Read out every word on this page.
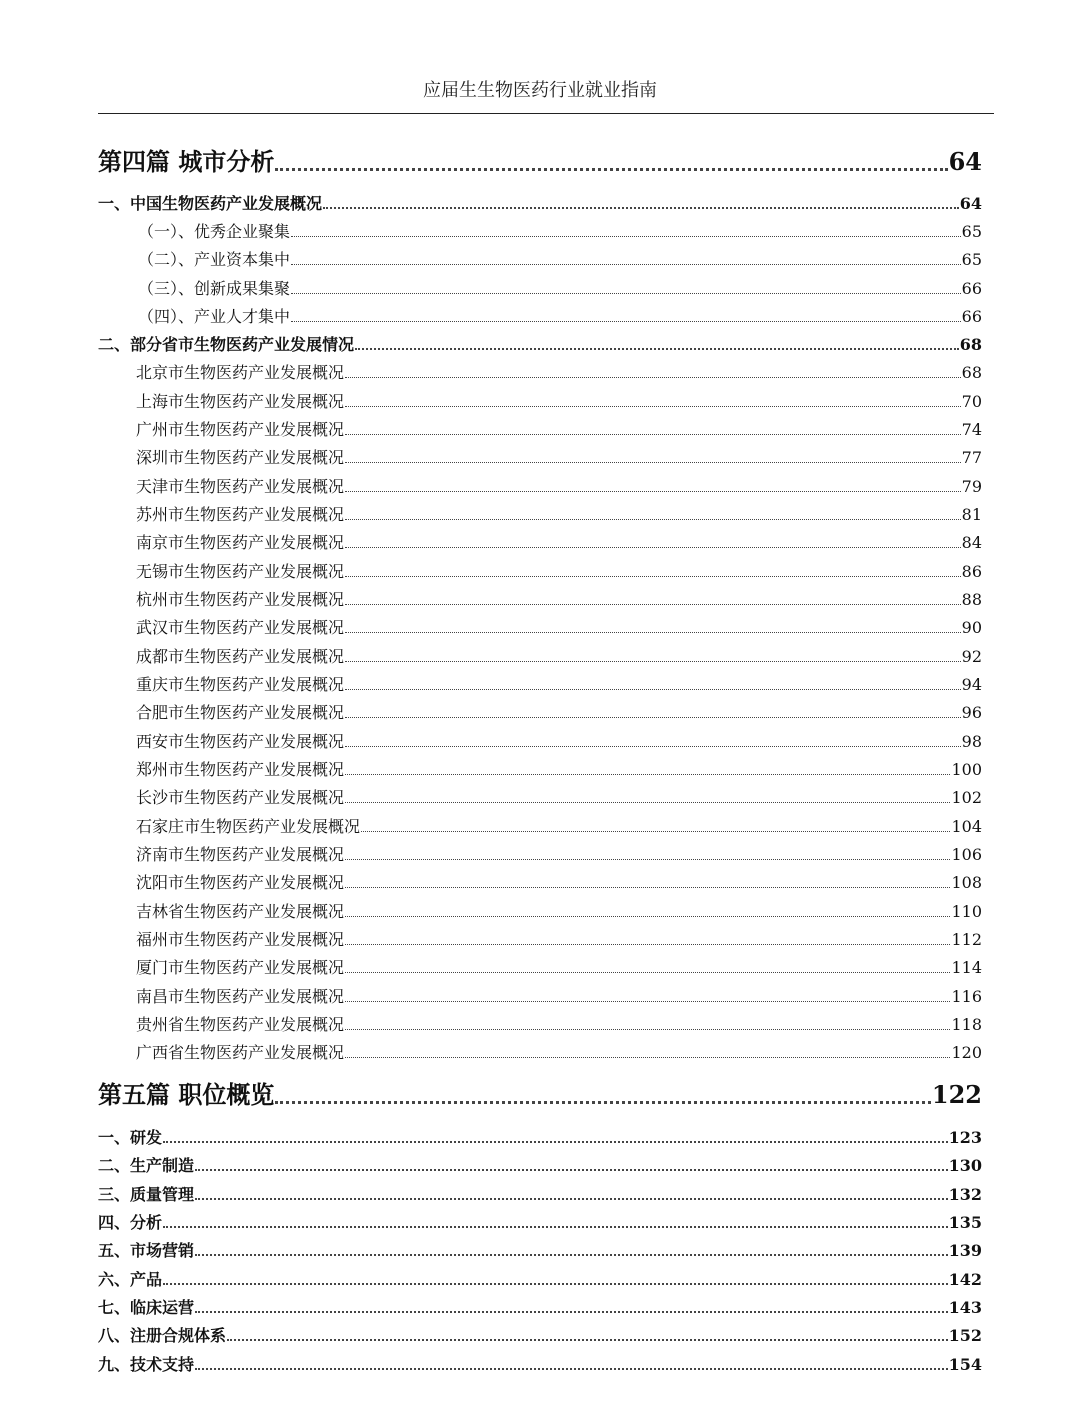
应届生生物医药行业就业指南
第四篇 城市分析	64
一、中国生物医药产业发展概况	64
（一）、优秀企业聚集	65
（二）、产业资本集中	65
（三）、创新成果集聚	66
（四）、产业人才集中	66
二、部分省市生物医药产业发展情况	68
北京市生物医药产业发展概况	68
上海市生物医药产业发展概况	70
广州市生物医药产业发展概况	74
深圳市生物医药产业发展概况	77
天津市生物医药产业发展概况	79
苏州市生物医药产业发展概况	81
南京市生物医药产业发展概况	84
无锡市生物医药产业发展概况	86
杭州市生物医药产业发展概况	88
武汉市生物医药产业发展概况	90
成都市生物医药产业发展概况	92
重庆市生物医药产业发展概况	94
合肥市生物医药产业发展概况	96
西安市生物医药产业发展概况	98
郑州市生物医药产业发展概况	100
长沙市生物医药产业发展概况	102
石家庄市生物医药产业发展概况	104
济南市生物医药产业发展概况	106
沈阳市生物医药产业发展概况	108
吉林省生物医药产业发展概况	110
福州市生物医药产业发展概况	112
厦门市生物医药产业发展概况	114
南昌市生物医药产业发展概况	116
贵州省生物医药产业发展概况	118
广西省生物医药产业发展概况	120
第五篇 职位概览	122
一、研发	123
二、生产制造	130
三、质量管理	132
四、分析	135
五、市场营销	139
六、产品	142
七、临床运营	143
八、注册合规体系	152
九、技术支持	154
